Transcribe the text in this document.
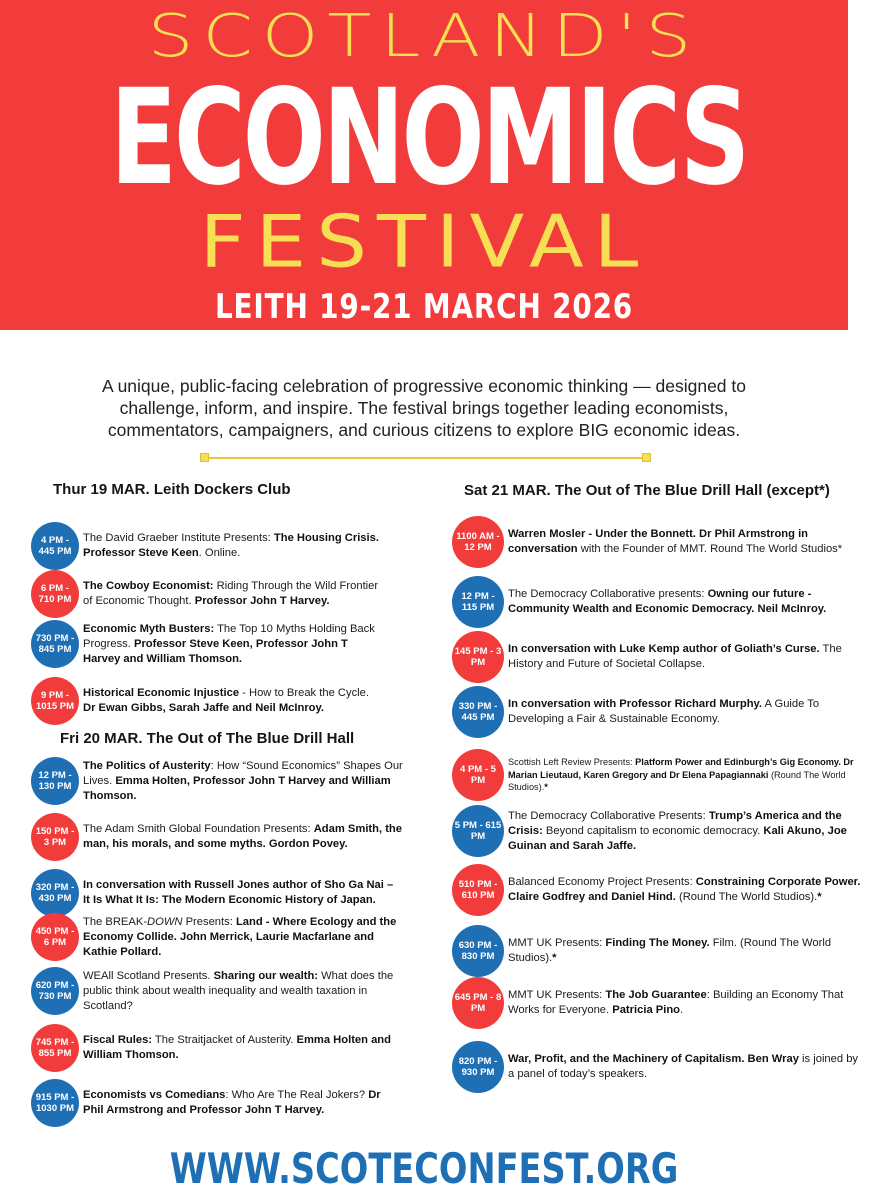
SCOTLAND'S
ECONOMICS
FESTIVAL
LEITH 19-21 MARCH 2026

A unique, public-facing celebration of progressive economic thinking — designed to challenge, inform, and inspire. The festival brings together leading economists, commentators, campaigners, and curious citizens to explore BIG economic ideas.

Thur 19 MAR. Leith Dockers Club
Fri 20 MAR. The Out of The Blue Drill Hall
Sat 21 MAR. The Out of The Blue Drill Hall (except*)
4 PM - 445 PM
The David Graeber Institute Presents: The Housing Crisis. Professor Steve Keen. Online.
6 PM - 710 PM
The Cowboy Economist: Riding Through the Wild Frontier of Economic Thought. Professor John T Harvey.
730 PM - 845 PM
Economic Myth Busters: The Top 10 Myths Holding Back Progress. Professor Steve Keen, Professor John T Harvey and William Thomson.
9 PM - 1015 PM
Historical Economic Injustice - How to Break the Cycle. Dr Ewan Gibbs, Sarah Jaffe and Neil McInroy.
12 PM - 130 PM
The Politics of Austerity: How “Sound Economics” Shapes Our Lives. Emma Holten, Professor John T Harvey and William Thomson.
150 PM - 3 PM
The Adam Smith Global Foundation Presents: Adam Smith, the man, his morals, and some myths. Gordon Povey.
320 PM - 430 PM
In conversation with Russell Jones author of Sho Ga Nai – It Is What It Is: The Modern Economic History of Japan.
450 PM - 6 PM
The BREAK-DOWN Presents: Land - Where Ecology and the Economy Collide. John Merrick, Laurie Macfarlane and Kathie Pollard.
620 PM - 730 PM
WEAll Scotland Presents. Sharing our wealth: What does the public think about wealth inequality and wealth taxation in Scotland?
745 PM - 855 PM
Fiscal Rules: The Straitjacket of Austerity. Emma Holten and William Thomson.
915 PM - 1030 PM
Economists vs Comedians: Who Are The Real Jokers? Dr Phil Armstrong and Professor John T Harvey.
1100 AM - 12 PM
Warren Mosler - Under the Bonnett. Dr Phil Armstrong in conversation with the Founder of MMT. Round The World Studios*
12 PM - 115 PM
The Democracy Collaborative presents: Owning our future - Community Wealth and Economic Democracy. Neil McInroy.
145 PM - 3 PM
In conversation with Luke Kemp author of Goliath’s Curse. The History and Future of Societal Collapse.
330 PM - 445 PM
In conversation with Professor Richard Murphy. A Guide To Developing a Fair & Sustainable Economy.
4 PM - 5 PM
Scottish Left Review Presents: Platform Power and Edinburgh’s Gig Economy. Dr Marian Lieutaud, Karen Gregory and Dr Elena Papagiannaki (Round The World Studios).*
5 PM - 615 PM
The Democracy Collaborative Presents: Trump’s America and the Crisis: Beyond capitalism to economic democracy. Kali Akuno, Joe Guinan and Sarah Jaffe.
510 PM - 610 PM
Balanced Economy Project Presents: Constraining Corporate Power. Claire Godfrey and Daniel Hind. (Round The World Studios).*
630 PM - 830 PM
MMT UK Presents: Finding The Money. Film. (Round The World Studios).*
645 PM - 8 PM
MMT UK Presents: The Job Guarantee: Building an Economy That Works for Everyone. Patricia Pino.
820 PM - 930 PM
War, Profit, and the Machinery of Capitalism. Ben Wray is joined by a panel of today’s speakers.
WWW.SCOTECONFEST.ORG
